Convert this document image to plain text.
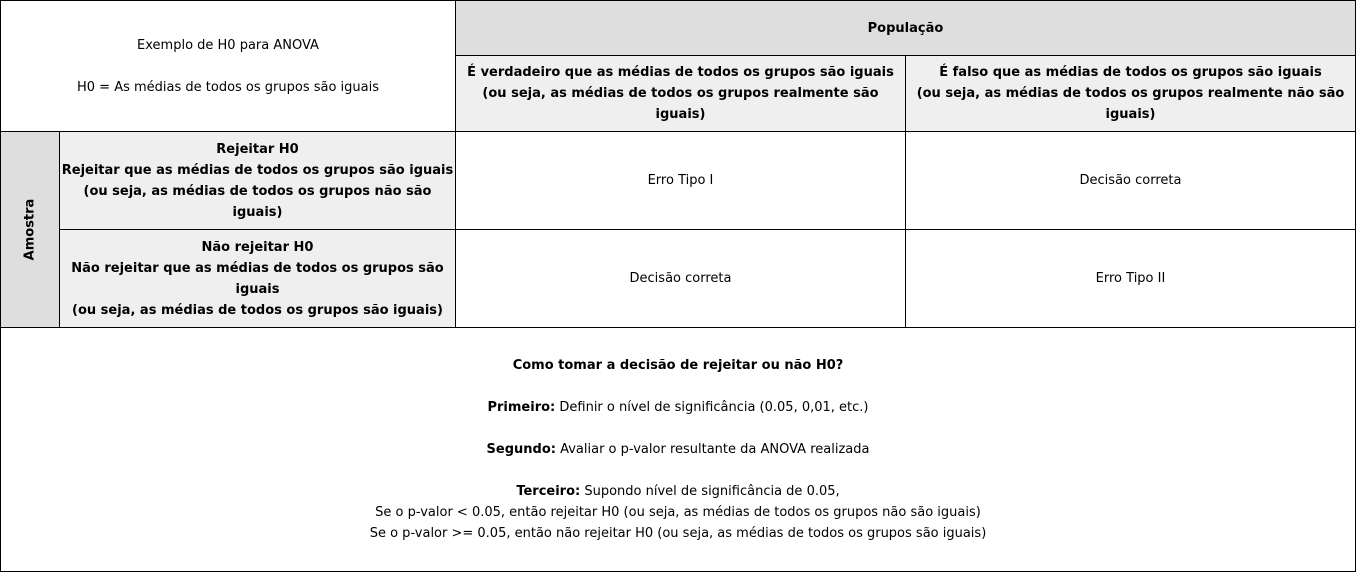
Exemplo de H0 para ANOVA
H0 = As médias de todos os grupos são iguais
População
É verdadeiro que as médias de todos os grupos são iguais
(ou seja, as médias de todos os grupos realmente são iguais)
É falso que as médias de todos os grupos são iguais
(ou seja, as médias de todos os grupos realmente não são iguais)
Amostra
Rejeitar H0
Rejeitar que as médias de todos os grupos são iguais
(ou seja, as médias de todos os grupos não são iguais)
Não rejeitar H0
Não rejeitar que as médias de todos os grupos são iguais
(ou seja, as médias de todos os grupos são iguais)
Erro Tipo I	Decisão correta
Decisão correta	Erro Tipo II

Como tomar a decisão de rejeitar ou não H0?

Primeiro: Definir o nível de significância (0.05, 0,01, etc.)

Segundo: Avaliar o p-valor resultante da ANOVA realizada

Terceiro: Supondo nível de significância de 0.05,
Se o p-valor < 0.05, então rejeitar H0 (ou seja, as médias de todos os grupos não são iguais)
Se o p-valor >= 0.05, então não rejeitar H0 (ou seja, as médias de todos os grupos são iguais)
